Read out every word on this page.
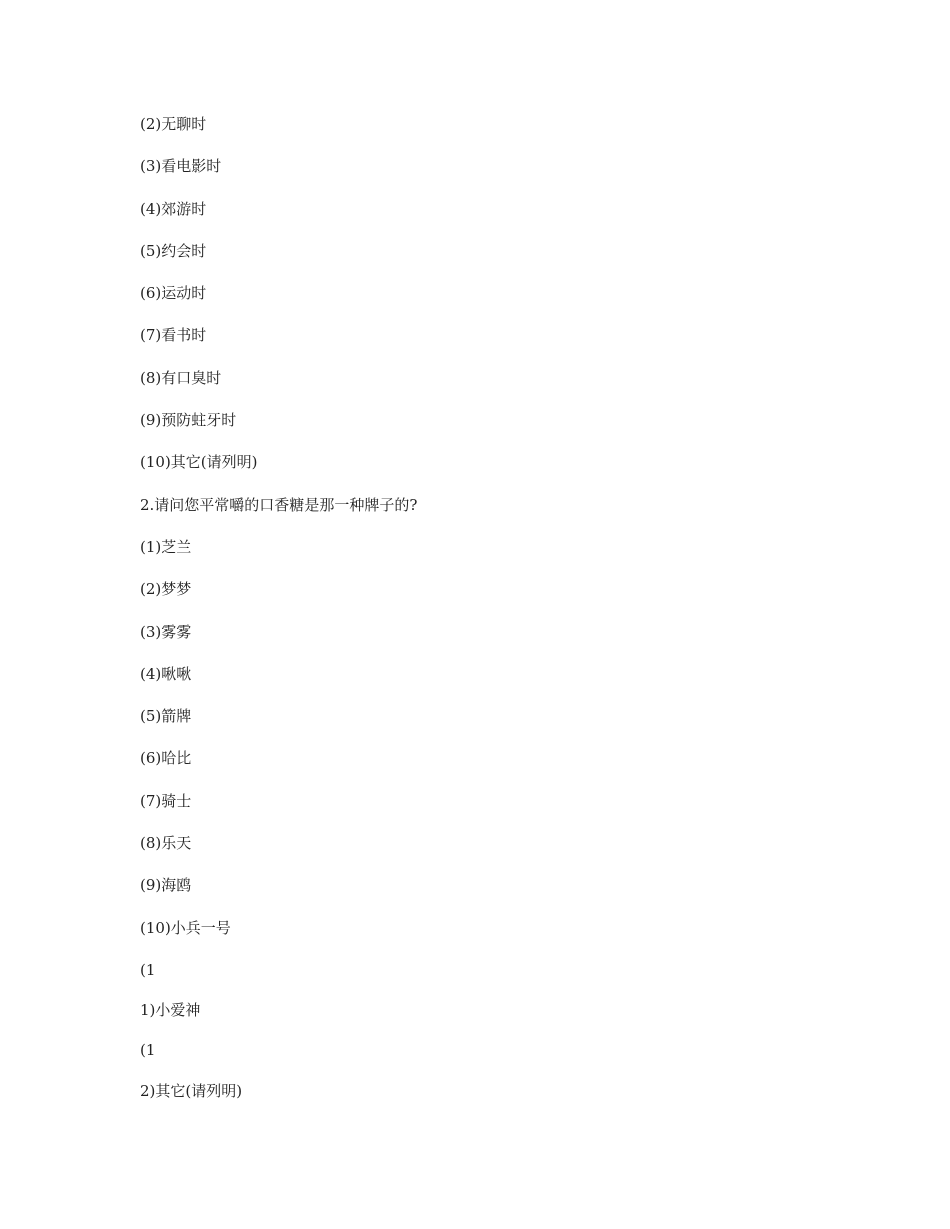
(2)无聊时
(3)看电影时
(4)郊游时
(5)约会时
(6)运动时
(7)看书时
(8)有口臭时
(9)预防蛀牙时
(10)其它(请列明)
2.请问您平常嚼的口香糖是那一种牌子的?
(1)芝兰
(2)梦梦
(3)雾雾
(4)啾啾
(5)箭牌
(6)哈比
(7)骑士
(8)乐天
(9)海鸥
(10)小兵一号
(1
1)小爱神
(1
2)其它(请列明)
